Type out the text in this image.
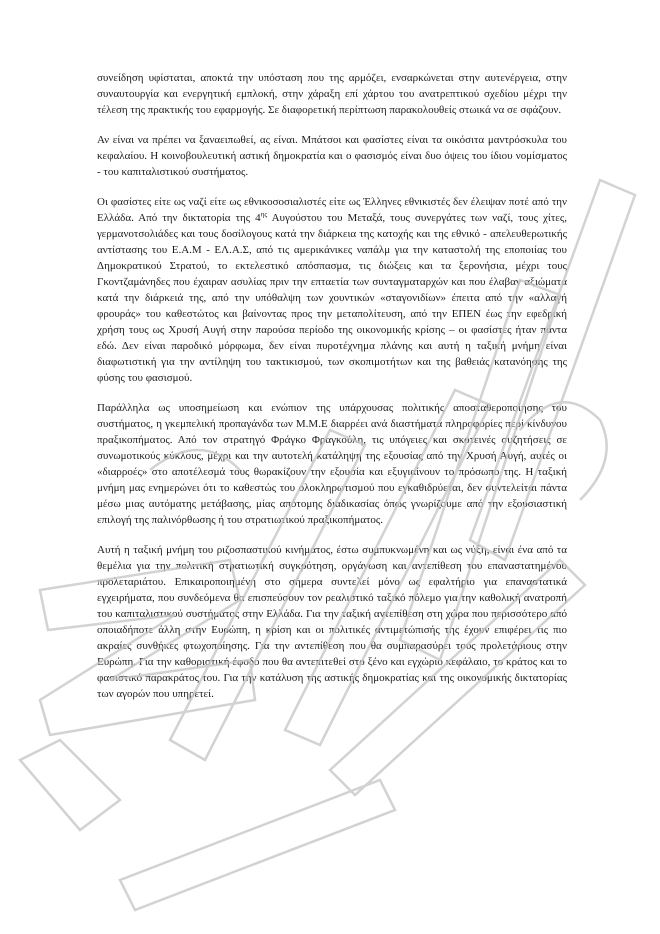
συνείδηση υφίσταται, αποκτά την υπόσταση που της αρμόζει, ενσαρκώνεται στην αυτενέργεια, στην συναυτουργία και ενεργητική εμπλοκή, στην χάραξη επί χάρτου του ανατρεπτικού σχεδίου μέχρι την τέλεση της πρακτικής του εφαρμογής. Σε διαφορετική περίπτωση παρακολουθείς στωικά να σε σφάζουν.

Αν είναι να πρέπει να ξαναειπωθεί, ας είναι. Μπάτσοι και φασίστες είναι τα οικόσιτα μαντρόσκυλα του κεφαλαίου. Η κοινοβουλευτική αστική δημοκρατία και ο φασισμός είναι δυο όψεις του ίδιου νομίσματος - του καπιταλιστικού συστήματος.

Οι φασίστες είτε ως ναζί είτε ως εθνικοσοσιαλιστές είτε ως Έλληνες εθνικιστές δεν έλειψαν ποτέ από την Ελλάδα. Από την δικτατορία της $4^{\eta\varsigma}$ Αυγούστου του Μεταξά, τους συνεργάτες των ναζί, τους χίτες, γερμανοτσολιάδες και τους δοσίλογους κατά την διάρκεια της κατοχής και της εθνικό - απελευθερωτικής αντίστασης του Ε.Α.Μ - ΕΛ.Α.Σ, από τις αμερικάνικες ναπάλμ για την καταστολή της εποποιίας του Δημοκρατικού Στρατού, το εκτελεστικό απόσπασμα, τις διώξεις και τα ξερονήσια, μέχρι τους Γκοντζαμάνηδες που έχαιραν ασυλίας πριν την επταετία των συνταγματαρχών και που έλαβαν αξιώματα κατά την διάρκειά της, από την υπόθαλψη των χουντικών «σταγονιδίων» έπειτα από την «αλλαγή φρουράς» του καθεστώτος και βαίνοντας προς την μεταπολίτευση, από την ΕΠΕΝ έως την εφεδρική χρήση τους ως Χρυσή Αυγή στην παρούσα περίοδο της οικονομικής κρίσης – οι φασίστες ήταν πάντα εδώ. Δεν είναι παροδικό μόρφωμα, δεν είναι πυροτέχνημα πλάνης και αυτή η ταξική μνήμη είναι διαφωτιστική για την αντίληψη του τακτικισμού, των σκοπιμοτήτων και της βαθειάς κατανόησης της φύσης του φασισμού.

Παράλληλα ως υποσημείωση και ενώπιον της υπάρχουσας πολιτικής αποσταθεροποίησης του συστήματος, η γκεμπελική προπαγάνδα των Μ.Μ.Ε διαρρέει ανά διαστήματα πληροφορίες περί κίνδυνου πραξικοπήματος. Από τον στρατηγό Φράγκο Φραγκούλη, τις υπόγειες και σκοτεινές συζητήσεις σε συνωμοτικούς κύκλους, μέχρι και την αυτοτελή κατάληψη της εξουσίας από την Χρυσή Αυγή, αυτές οι «διαρροές» στο αποτέλεσμά τους θωρακίζουν την εξουσία και εξυγιαίνουν το πρόσωπο της. Η ταξική μνήμη μας ενημερώνει ότι το καθεστώς του ολοκληρωτισμού που εγκαθιδρύεται, δεν συντελείται πάντα μέσω μιας αυτόματης μετάβασης, μίας απότομης διαδικασίας όπως γνωρίζουμε από την εξουσιαστική επιλογή της παλινόρθωσης ή του στρατιωτικού πραξικοπήματος.

Αυτή η ταξική μνήμη του ριζοσπαστικού κινήματος, έστω συμπυκνωμένη και ως νύξη, είναι ένα από τα θεμέλια για την πολιτική στρατιωτική συγκρότηση, οργάνωση και αντεπίθεση του επαναστατημένου προλεταριάτου. Επικαιροποιημένη στο σήμερα συντελεί μόνο ως εφαλτήριο για επαναστατικά εγχειρήματα, που συνδεόμενα θα επισπεύσουν τον ρεαλιστικό ταξικό πόλεμο για την καθολική ανατροπή του καπιταλιστικού συστήματος στην Ελλάδα. Για την ταξική αντεπίθεση στη χώρα που περισσότερο από οποιαδήποτε άλλη στην Ευρώπη, η κρίση και οι πολιτικές αντιμετώπισής της έχουν επιφέρει τις πιο ακραίες συνθήκες φτωχοποίησης. Για την αντεπίθεση που θα συμπαρασύρει τους προλετάριους στην Ευρώπη. Για την καθοριστική έφοδο που θα αντεπιτεθεί στο ξένο και εγχώριο κεφάλαιο, το κράτος και το φασιστικό παρακράτος του. Για την κατάλυση της αστικής δημοκρατίας και της οικονομικής δικτατορίας των αγορών που υπηρετεί.
